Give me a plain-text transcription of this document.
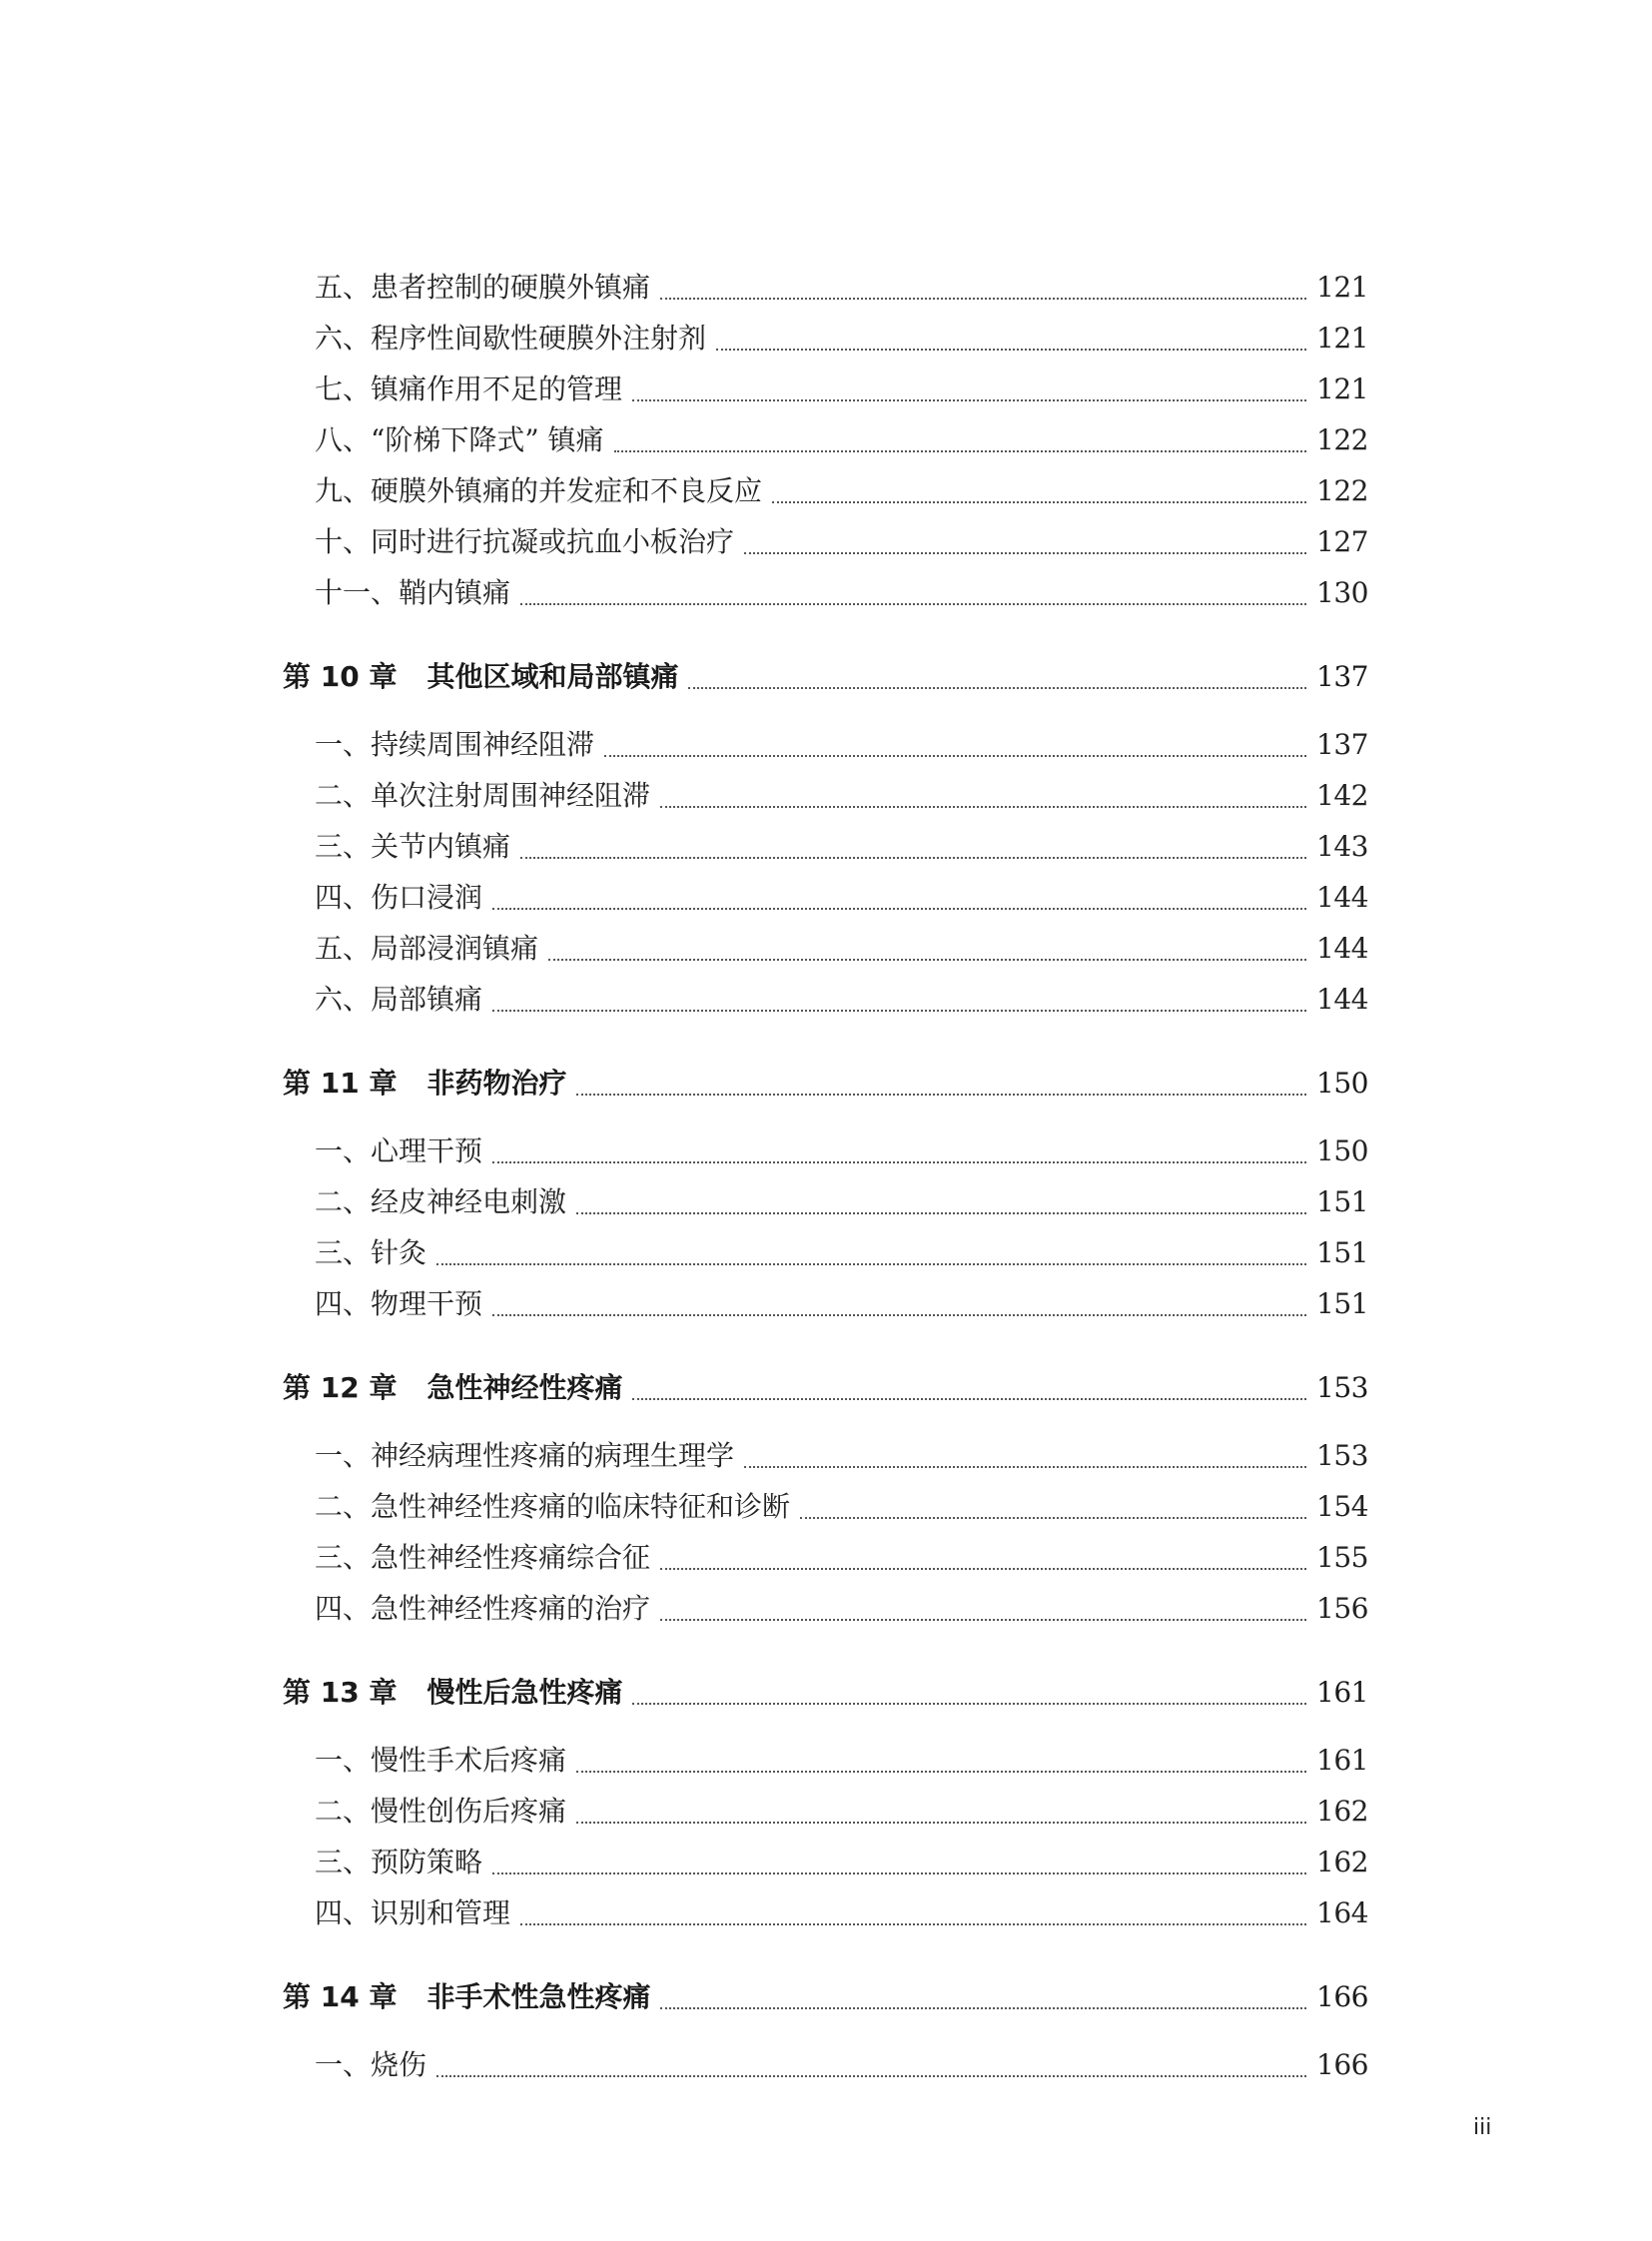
五、患者控制的硬膜外镇痛	121
六、程序性间歇性硬膜外注射剂	121
七、镇痛作用不足的管理	121
八、“阶梯下降式” 镇痛	122
九、硬膜外镇痛的并发症和不良反应	122
十、同时进行抗凝或抗血小板治疗	127
十一、鞘内镇痛	130
第 10 章 其他区域和局部镇痛	137
一、持续周围神经阻滞	137
二、单次注射周围神经阻滞	142
三、关节内镇痛	143
四、伤口浸润	144
五、局部浸润镇痛	144
六、局部镇痛	144
第 11 章 非药物治疗	150
一、心理干预	150
二、经皮神经电刺激	151
三、针灸	151
四、物理干预	151
第 12 章 急性神经性疼痛	153
一、神经病理性疼痛的病理生理学	153
二、急性神经性疼痛的临床特征和诊断	154
三、急性神经性疼痛综合征	155
四、急性神经性疼痛的治疗	156
第 13 章 慢性后急性疼痛	161
一、慢性手术后疼痛	161
二、慢性创伤后疼痛	162
三、预防策略	162
四、识别和管理	164
第 14 章 非手术性急性疼痛	166
一、烧伤	166
iii
